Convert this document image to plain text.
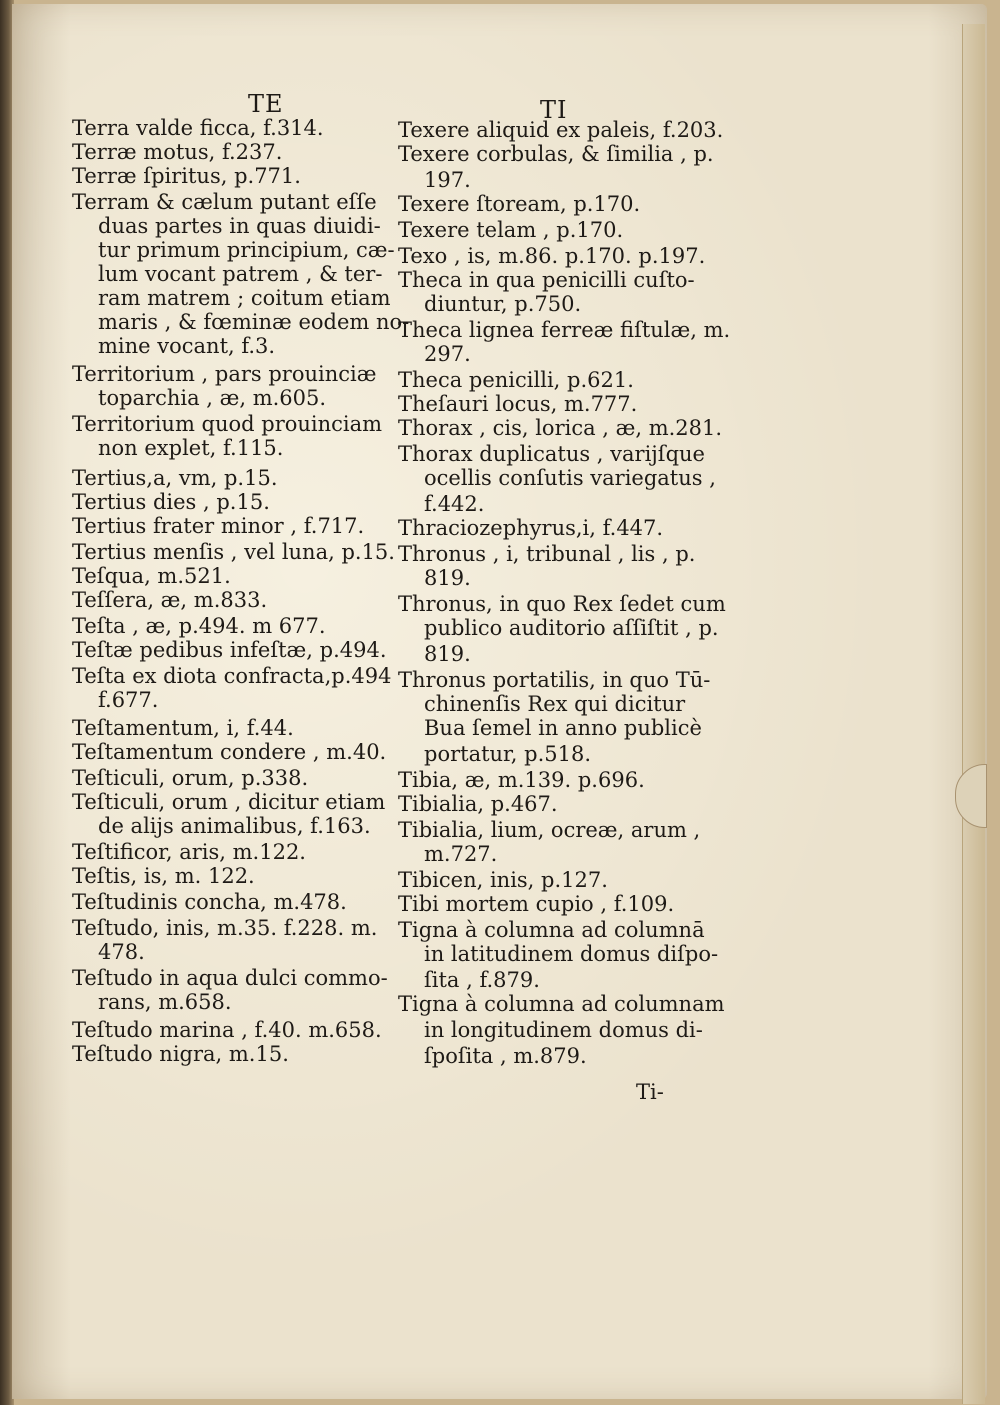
TE	TI
Terra valde ficca, f.314.
Terræ motus, f.237.
Terræ ſpiritus, p.771.
Terram & cælum putant eſſe
duas partes in quas diuidi-
tur primum principium, cæ-
lum vocant patrem , & ter-
ram matrem ; coitum etiam
maris , & fœminæ eodem no-
mine vocant, f.3.
Territorium , pars prouinciæ
toparchia , æ, m.605.
Territorium quod prouinciam
non explet, f.115.
Tertius,a, vm, p.15.
Tertius dies , p.15.
Tertius frater minor , f.717.
Tertius menſis , vel luna, p.15.
Teſqua, m.521.
Teſſera, æ, m.833.
Teſta , æ, p.494. m 677.
Teſtæ pedibus infeſtæ, p.494.
Teſta ex diota confracta,p.494
f.677.
Teſtamentum, i, f.44.
Teſtamentum condere , m.40.
Teſticuli, orum, p.338.
Teſticuli, orum , dicitur etiam
de alijs animalibus, f.163.
Teſtificor, aris, m.122.
Teſtis, is, m. 122.
Teſtudinis concha, m.478.
Teſtudo, inis, m.35. f.228. m.
478.
Teſtudo in aqua dulci commo-
rans, m.658.
Teſtudo marina , f.40. m.658.
Teſtudo nigra, m.15.
Texere aliquid ex paleis, f.203.
Texere corbulas, & ſimilia , p.
197.
Texere ſtoream, p.170.
Texere telam , p.170.
Texo , is, m.86. p.170. p.197.
Theca in qua penicilli cuſto-
diuntur, p.750.
Theca lignea ferreæ fiſtulæ, m.
297.
Theca penicilli, p.621.
Theſauri locus, m.777.
Thorax , cis, lorica , æ, m.281.
Thorax duplicatus , varijſque
ocellis conſutis variegatus ,
f.442.
Thraciozephyrus,i, f.447.
Thronus , i, tribunal , lis , p.
819.
Thronus, in quo Rex ſedet cum
publico auditorio aſſiſtit , p.
819.
Thronus portatilis, in quo Tū-
chinenſis Rex qui dicitur
Bua ſemel in anno publicè
portatur, p.518.
Tibia, æ, m.139. p.696.
Tibialia, p.467.
Tibialia, lium, ocreæ, arum ,
m.727.
Tibicen, inis, p.127.
Tibi mortem cupio , f.109.
Tigna à columna ad columnā
in latitudinem domus diſpo-
ſita , f.879.
Tigna à columna ad columnam
in longitudinem domus di-
ſpoſita , m.879.
Ti-
